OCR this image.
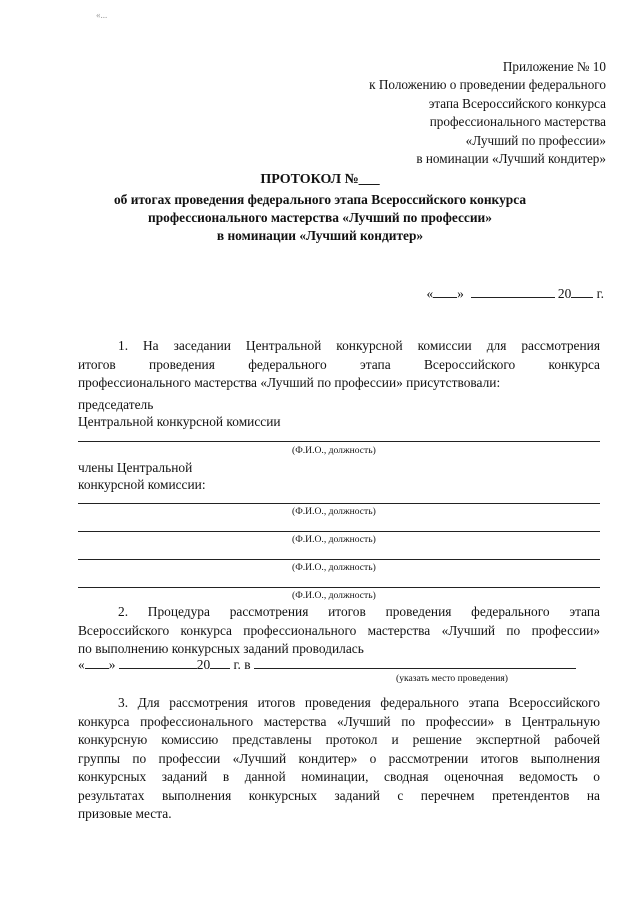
«...
Приложение № 10
к Положению о проведении федерального
этапа Всероссийского конкурса
профессионального мастерства
«Лучший по профессии»
в номинации «Лучший кондитер»
ПРОТОКОЛ №___
об итогах проведения федерального этапа Всероссийского конкурса
профессионального мастерства «Лучший по профессии»
в номинации «Лучший кондитер»
« »	20 г.
1. На заседании Центральной конкурсной комиссии для рассмотрения
итогов проведения федерального этапа Всероссийского конкурса
профессионального мастерства «Лучший по профессии» присутствовали:
председатель
Центральной конкурсной комиссии
(Ф.И.О., должность)
члены Центральной
конкурсной комиссии:
(Ф.И.О., должность)
(Ф.И.О., должность)
(Ф.И.О., должность)
(Ф.И.О., должность)
2. Процедура рассмотрения итогов проведения федерального этапа
Всероссийского конкурса профессионального мастерства «Лучший по профессии»
по выполнению конкурсных заданий проводилась
« »	20 г. в
(указать место проведения)
3. Для рассмотрения итогов проведения федерального этапа Всероссийского
конкурса профессионального мастерства «Лучший по профессии» в Центральную
конкурсную комиссию представлены протокол и решение экспертной рабочей
группы по профессии «Лучший кондитер» о рассмотрении итогов выполнения
конкурсных заданий в данной номинации, сводная оценочная ведомость о
результатах выполнения конкурсных заданий с перечнем претендентов на
призовые места.
